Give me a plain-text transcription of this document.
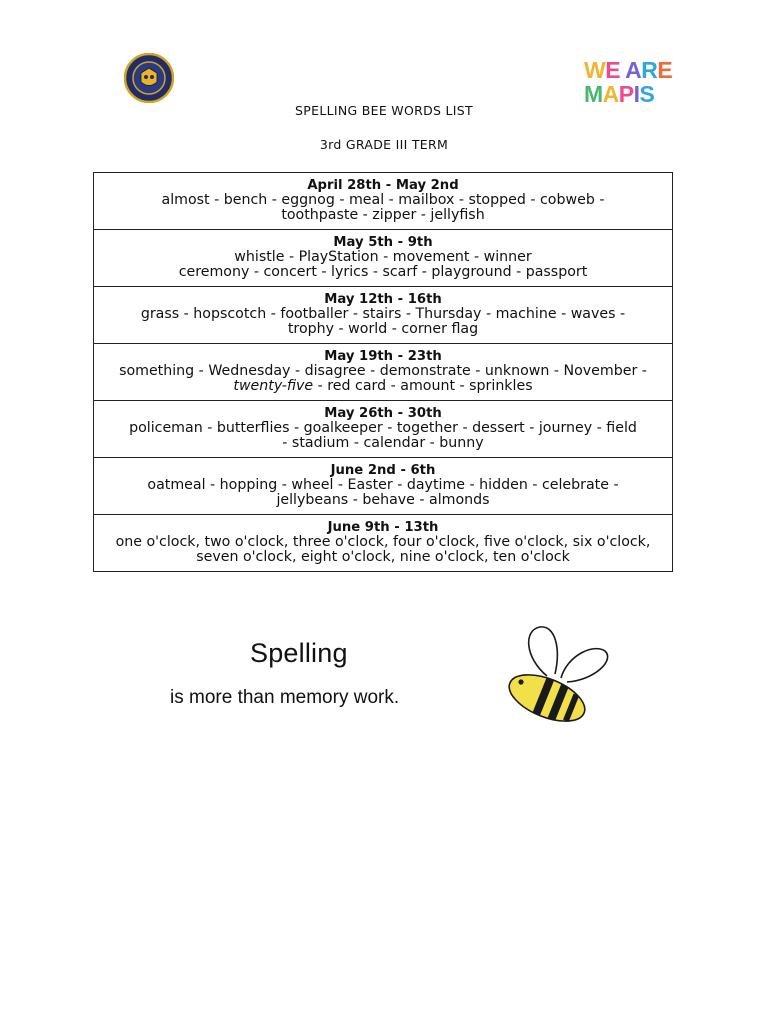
WE ARE
MAPIS
SPELLING BEE WORDS LIST
3rd GRADE III TERM
April 28th - May 2nd
almost - bench - eggnog - meal - mailbox - stopped - cobweb -
toothpaste - zipper - jellyfish

May 5th - 9th
whistle - PlayStation - movement - winner
ceremony - concert - lyrics - scarf - playground - passport

May 12th - 16th
grass - hopscotch - footballer - stairs - Thursday - machine - waves -
trophy - world - corner flag

May 19th - 23th
something - Wednesday - disagree - demonstrate - unknown - November -
twenty-five - red card - amount - sprinkles

May 26th - 30th
policeman - butterflies - goalkeeper - together - dessert - journey - field
- stadium - calendar - bunny

June 2nd - 6th
oatmeal - hopping - wheel - Easter - daytime - hidden - celebrate -
jellybeans - behave - almonds

June 9th - 13th
one o'clock, two o'clock, three o'clock, four o'clock, five o'clock, six o'clock,
seven o'clock, eight o'clock, nine o'clock, ten o'clock
Spelling
is more than memory work.
